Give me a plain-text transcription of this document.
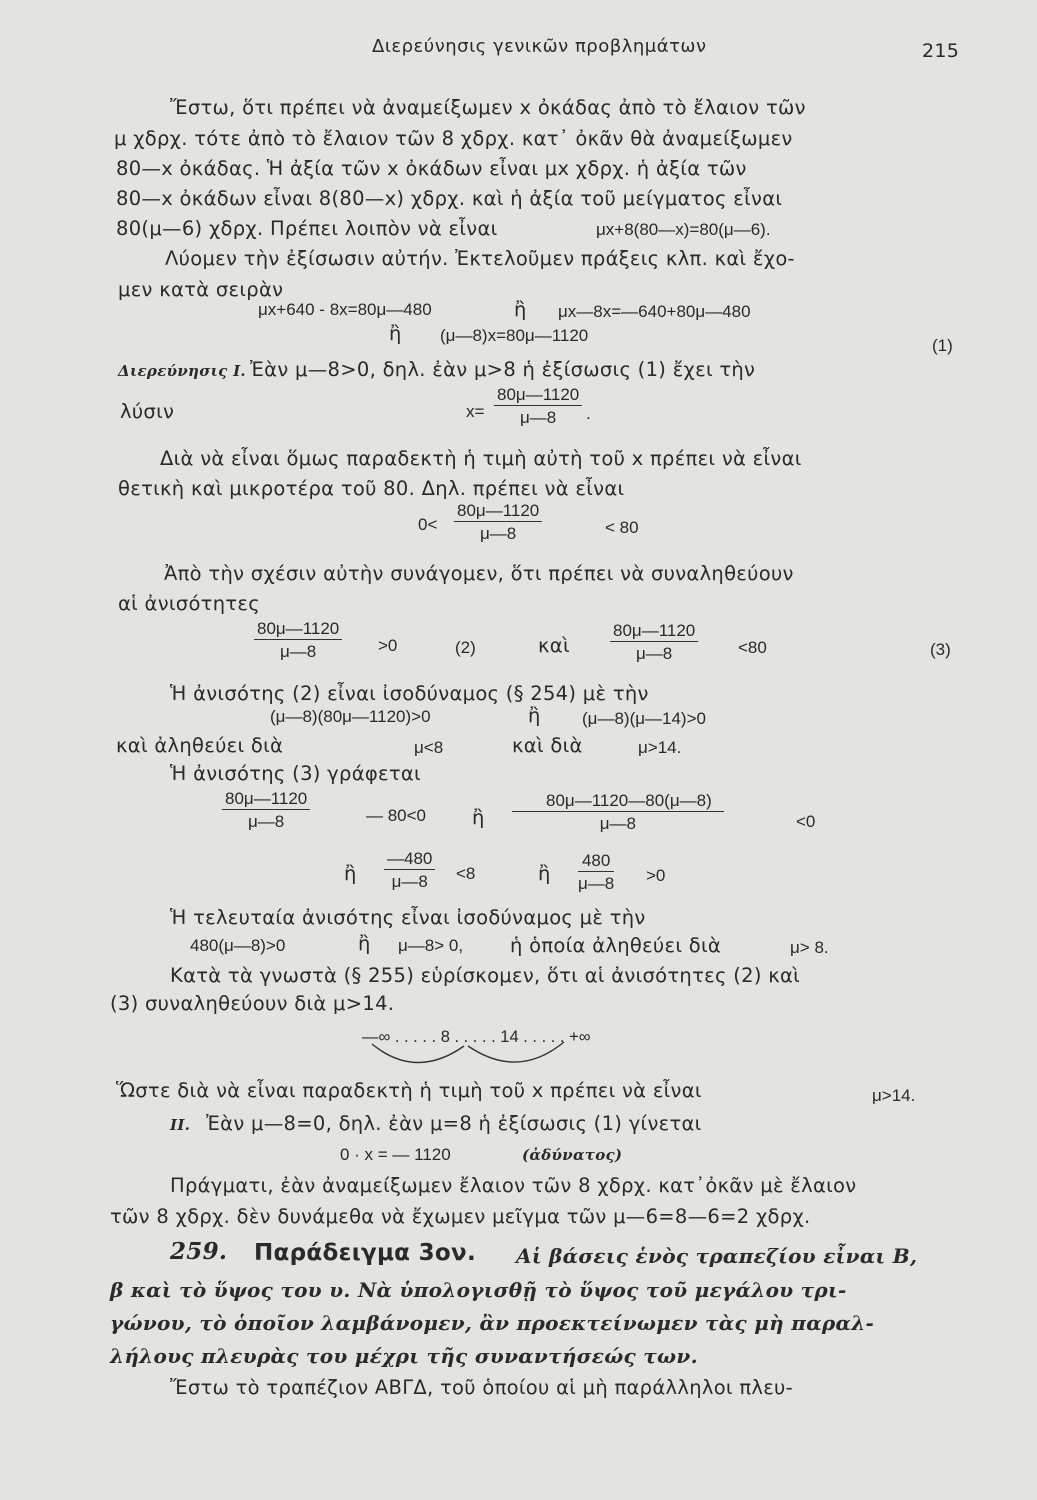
Διερεύνησις γενικῶν προβλημάτων	215
Ἔστω, ὅτι πρέπει νὰ ἀναμείξωμεν x ὀκάδας ἀπὸ τὸ ἔλαιον τῶν
μ χδρχ. τότε ἀπὸ τὸ ἔλαιον τῶν 8 χδρχ. κατ᾽ ὀκᾶν θὰ ἀναμείξωμεν
80—x ὀκάδας. Ἡ ἀξία τῶν x ὀκάδων εἶναι μx χδρχ. ἡ ἀξία τῶν
80—x ὀκάδων εἶναι 8(80—x) χδρχ. καὶ ἡ ἀξία τοῦ μείγματος εἶναι
80(μ—6) χδρχ. Πρέπει λοιπὸν νὰ εἶναι	μx+8(80—x)=80(μ—6).
Λύομεν τὴν ἐξίσωσιν αὐτήν. Ἐκτελοῦμεν πράξεις κλπ. καὶ ἔχο-
μεν κατὰ σειρὰν
μx+640 - 8x=80μ—480	ἢ μx—8x=—640+80μ—480
ἢ (μ—8)x=80μ—1120
(1)
Διερεύνησις Ι. Ἐὰν μ—8>0, δηλ. ἐὰν μ>8 ἡ ἐξίσωσις (1) ἔχει τὴν
λύσιν	$x= \frac{80\mu—1120}{\mu—8}$ .
Διὰ νὰ εἶναι ὅμως παραδεκτὴ ἡ τιμὴ αὐτὴ τοῦ x πρέπει νὰ εἶναι
θετικὴ καὶ μικροτέρα τοῦ 80. Δηλ. πρέπει νὰ εἶναι
$0< \frac{80\mu—1120}{\mu—8}$	< 80
Ἀπὸ τὴν σχέσιν αὐτὴν συνάγομεν, ὅτι πρέπει νὰ συναληθεύουν
αἱ ἀνισότητες
$\frac{80\mu—1120}{\mu—8} >0$	(2)	καὶ $\frac{80\mu—1120}{\mu—8} <80$	(3)
Ἡ ἀνισότης (2) εἶναι ἰσοδύναμος (§ 254) μὲ τὴν
(μ—8)(80μ—1120)>0	ἢ (μ—8)(μ—14)>0
καὶ ἀληθεύει διὰ	μ<8	καὶ διὰ	μ>14.
Ἡ ἀνισότης (3) γράφεται
$\frac{80\mu—1120}{\mu—8}$	— 80<0 ἢ $\frac{80\mu—1120—80(\mu—8)}{\mu—8}$	<0
ἢ $\frac{—480}{\mu—8} <8$	ἢ $\frac{480}{\mu—8} >0$
Ἡ τελευταία ἀνισότης εἶναι ἰσοδύναμος μὲ τὴν
480(μ—8)>0	ἢ μ—8> 0, ἡ ὁποία ἀληθεύει διὰ	μ> 8.
Κατὰ τὰ γνωστὰ (§ 255) εὑρίσκομεν, ὅτι αἱ ἀνισότητες (2) καὶ
(3) συναληθεύουν διὰ μ>14.
—∞ . . . . . 8 . . . . . 14 . . . . . +∞
Ὥστε διὰ νὰ εἶναι παραδεκτὴ ἡ τιμὴ τοῦ x πρέπει νὰ εἶναι	μ>14.
ΙΙ. Ἐὰν μ—8=0, δηλ. ἐὰν μ=8 ἡ ἐξίσωσις (1) γίνεται
0 · x = — 1120	(ἀδύνατος)
Πράγματι, ἐὰν ἀναμείξωμεν ἔλαιον τῶν 8 χδρχ. κατ᾽ὀκᾶν μὲ ἔλαιον
τῶν 8 χδρχ. δὲν δυνάμεθα νὰ ἔχωμεν μεῖγμα τῶν μ—6=8—6=2 χδρχ.
259. Παράδειγμα 3ον. Αἱ βάσεις ἑνὸς τραπεζίου εἶναι Β,
β καὶ τὸ ὕψος του υ. Νὰ ὑπολογισθῇ τὸ ὕψος τοῦ μεγάλου τρι-
γώνου, τὸ ὁποῖον λαμβάνομεν, ἂν προεκτείνωμεν τὰς μὴ παραλ-
λήλους πλευρὰς του μέχρι τῆς συναντήσεώς των.
Ἔστω τὸ τραπέζιον ΑΒΓΔ, τοῦ ὁποίου αἱ μὴ παράλληλοι πλευ-
